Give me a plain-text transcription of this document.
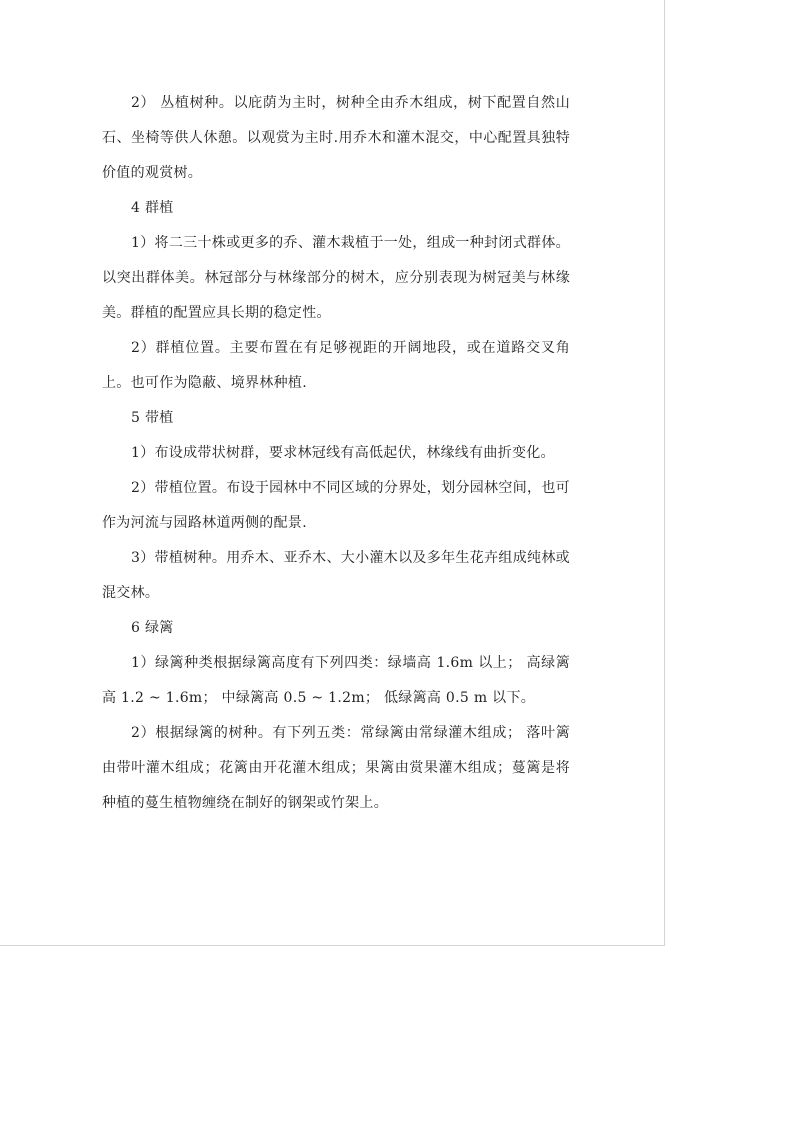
2） 丛植树种。以庇荫为主时，树种全由乔木组成，树下配置自然山石、坐椅等供人休憩。以观赏为主时.用乔木和灌木混交，中心配置具独特价值的观赏树。

4 群植

1）将二三十株或更多的乔、灌木栽植于一处，组成一种封闭式群体。以突出群体美。林冠部分与林缘部分的树木，应分别表现为树冠美与林缘美。群植的配置应具长期的稳定性。

2）群植位置。主要布置在有足够视距的开阔地段，或在道路交叉角上。也可作为隐蔽、境界林种植.

5 带植

1）布设成带状树群，要求林冠线有高低起伏，林缘线有曲折变化。

2）带植位置。布设于园林中不同区域的分界处，划分园林空间，也可作为河流与园路林道两侧的配景.

3）带植树种。用乔木、亚乔木、大小灌木以及多年生花卉组成纯林或混交林。

6 绿篱

1）绿篱种类根据绿篱高度有下列四类：绿墙高 1.6m 以上； 高绿篱高 1.2 ~ 1.6m； 中绿篱高 0.5 ~ 1.2m； 低绿篱高 0.5 m 以下。

2）根据绿篱的树种。有下列五类：常绿篱由常绿灌木组成； 落叶篱由带叶灌木组成；花篱由开花灌木组成；果篱由赏果灌木组成；蔓篱是将种植的蔓生植物缠绕在制好的钢架或竹架上。
